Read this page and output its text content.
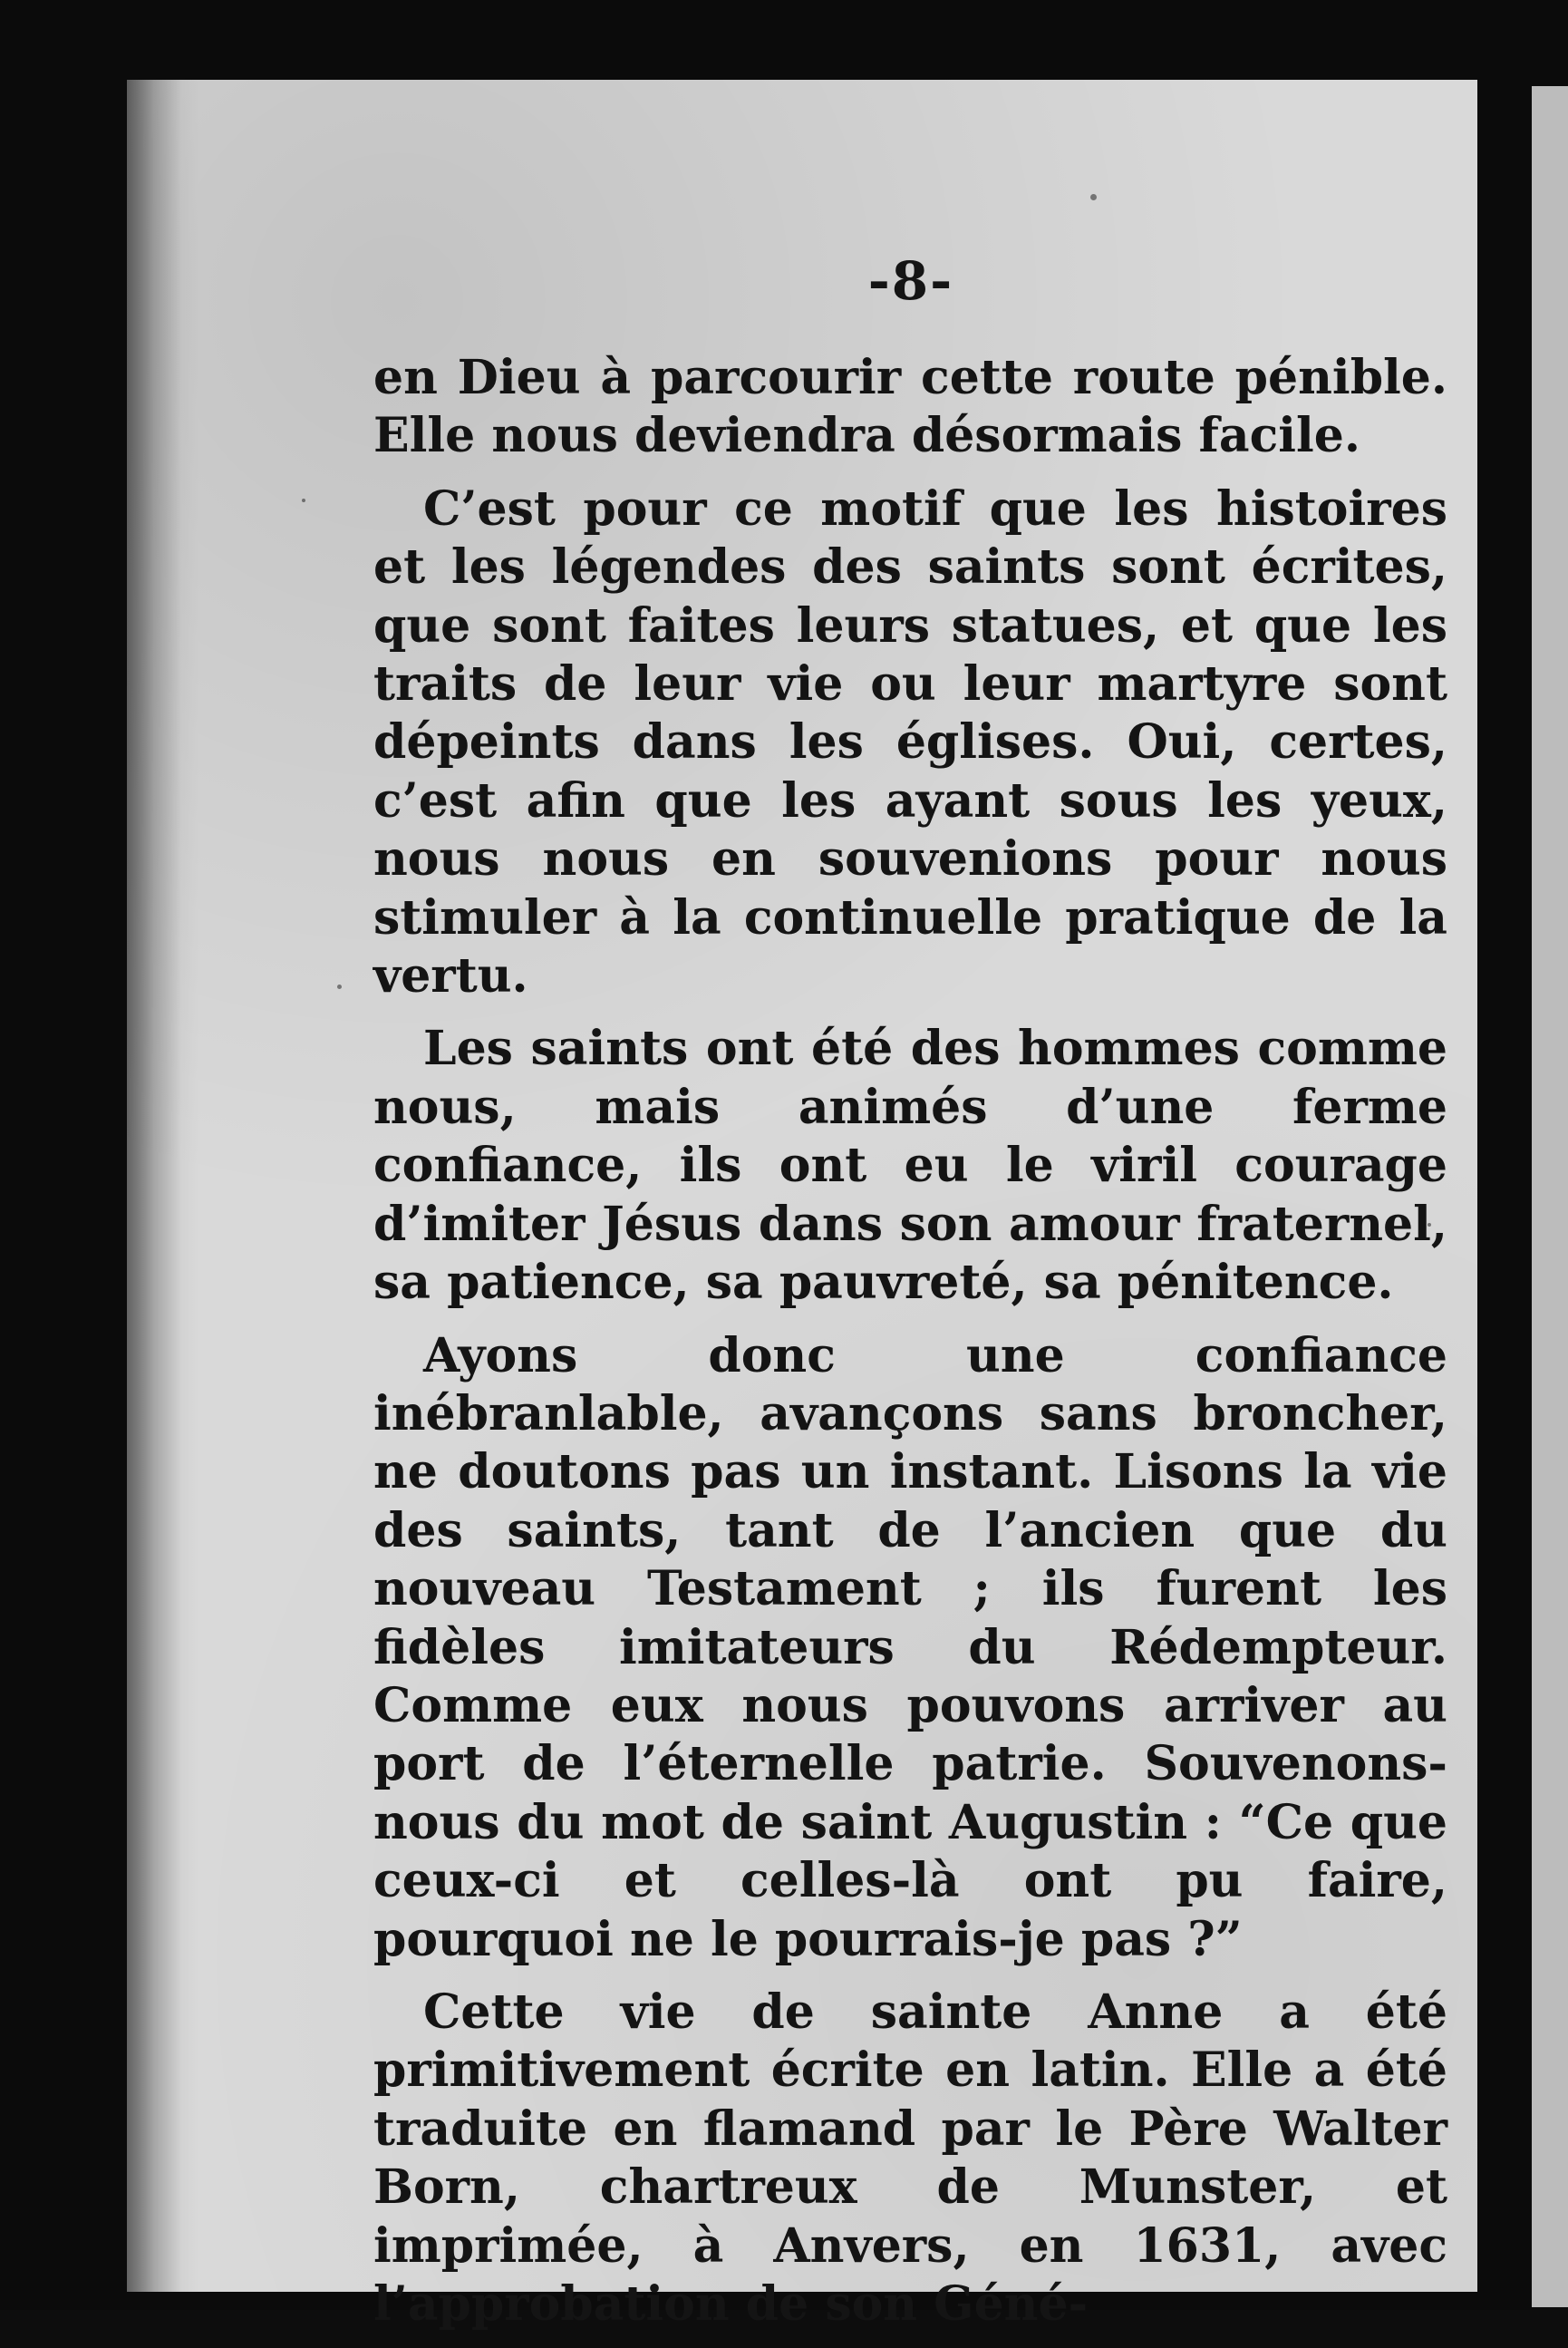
-8-

en Dieu à parcourir cette route pénible. Elle nous deviendra désormais facile.

C’est pour ce motif que les histoires et les légendes des saints sont écrites, que sont faites leurs statues, et que les traits de leur vie ou leur martyre sont dépeints dans les églises. Oui, certes, c’est afin que les ayant sous les yeux, nous nous en souvenions pour nous stimuler à la continuelle pratique de la vertu.

Les saints ont été des hommes comme nous, mais animés d’une ferme confiance, ils ont eu le viril courage d’imiter Jésus dans son amour fraternel, sa patience, sa pauvreté, sa pénitence.

Ayons donc une confiance inébranlable, avançons sans broncher, ne doutons pas un instant. Lisons la vie des saints, tant de l’ancien que du nouveau Testament ; ils furent les fidèles imitateurs du Rédempteur. Comme eux nous pouvons arriver au port de l’éternelle patrie. Souvenons-nous du mot de saint Augustin : “Ce que ceux-ci et celles-là ont pu faire, pourquoi ne le pourrais-je pas ?”

Cette vie de sainte Anne a été primitivement écrite en latin. Elle a été traduite en flamand par le Père Walter Born, chartreux de Munster, et imprimée, à Anvers, en 1631, avec l’approbation de son Géné-
